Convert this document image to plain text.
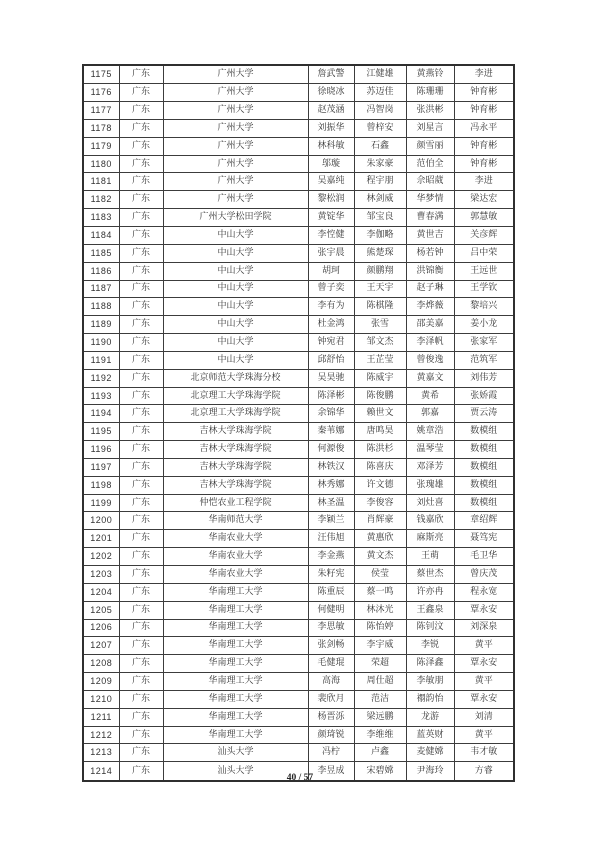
1175	广东	广州大学	詹武警	江健雄	黄燕铃	李进
1176	广东	广州大学	徐晓冰	苏迈佳	陈珊珊	钟育彬
1177	广东	广州大学	赵茂涵	冯智岗	张洪彬	钟育彬
1178	广东	广州大学	刘振华	曾梓安	刘星言	冯永平
1179	广东	广州大学	林科敏	石鑫	颜雪丽	钟育彬
1180	广东	广州大学	邬璇	朱家豪	范伯全	钟育彬
1181	广东	广州大学	吴嘉纯	程宇朋	佘昭葳	李进
1182	广东	广州大学	黎松润	林剑威	华梦情	梁达宏
1183	广东	广州大学松田学院	黄锭华	邹宝良	曹春满	郭慧敏
1184	广东	中山大学	李悾健	李伽略	黄世吉	关彦辉
1185	广东	中山大学	张宇晨	熊楚琛	杨若钟	吕中荣
1186	广东	中山大学	胡珂	颜鹏翔	洪锦衡	王远世
1187	广东	中山大学	曾子奕	王天宇	赵子琳	王学钦
1188	广东	中山大学	李有为	陈棋隆	李烨薇	黎培兴
1189	广东	中山大学	杜金鸿	张雪	邵美嘉	姜小龙
1190	广东	中山大学	钟宛君	邹文杰	李泽帆	张家军
1191	广东	中山大学	邱舒怡	王芷莹	曾俊逸	范筑军
1192	广东	北京师范大学珠海分校	吴昊驰	陈威宇	黄嘉文	刘伟芳
1193	广东	北京理工大学珠海学院	陈泽彬	陈俊鹏	黄希	张娇霞
1194	广东	北京理工大学珠海学院	余锦华	赖世文	郭嘉	贾云涛
1195	广东	吉林大学珠海学院	秦苇娜	唐鸣昊	姚章浩	数模组
1196	广东	吉林大学珠海学院	何源俊	陈洪杉	温琴莹	数模组
1197	广东	吉林大学珠海学院	林铁汉	陈喜庆	邓泽芳	数模组
1198	广东	吉林大学珠海学院	林秀娜	许文德	张瑰雄	数模组
1199	广东	仲恺农业工程学院	林圣温	李俊容	刘灶喜	数模组
1200	广东	华南师范大学	李颖兰	肖辉豪	钱嘉欣	章绍辉
1201	广东	华南农业大学	汪伟旭	黄惠欣	麻斯亮	聂笃宪
1202	广东	华南农业大学	李金燕	黄文杰	王萌	毛卫华
1203	广东	华南农业大学	朱籽宪	侯莹	蔡世杰	曾庆茂
1204	广东	华南理工大学	陈重辰	蔡一鸣	许亦冉	程永宽
1205	广东	华南理工大学	何健明	林沐光	王鑫泉	覃永安
1206	广东	华南理工大学	李思敏	陈怡婷	陈钊汶	刘深泉
1207	广东	华南理工大学	张剑畅	李宇威	李锐	黄平
1208	广东	华南理工大学	毛健琨	荣超	陈泽鑫	覃永安
1209	广东	华南理工大学	高海	周仕超	李敏朋	黄平
1210	广东	华南理工大学	裴欣月	范洁	禤韵怡	覃永安
1211	广东	华南理工大学	杨晋泺	梁远鹏	龙游	刘清
1212	广东	华南理工大学	颜琦锐	李维维	蓝英财	黄平
1213	广东	汕头大学	冯柠	卢鑫	麦健嫦	韦才敏
1214	广东	汕头大学	李昱成	宋碧嫦	尹海玲	方睿
40 / 57
